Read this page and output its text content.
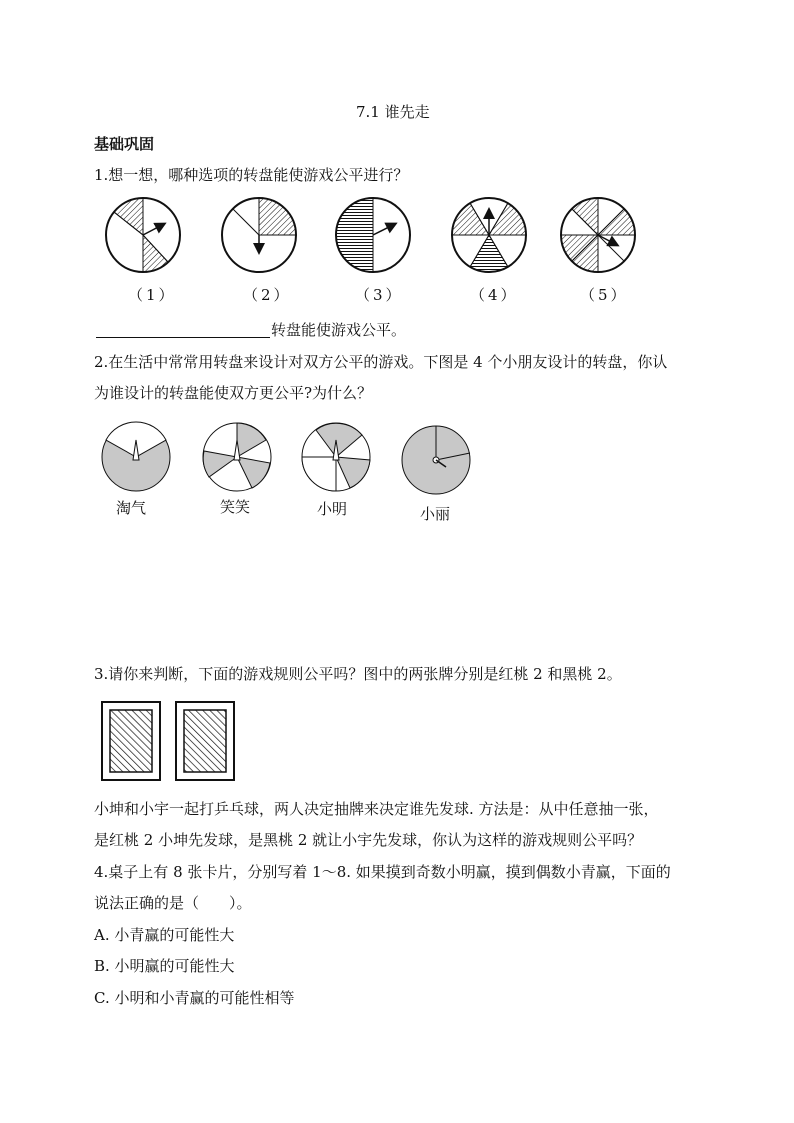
7.1 谁先走
基础巩固
1.想一想，哪种选项的转盘能使游戏公平进行？
（1）	（2）	（3）	（4）	（5）
转盘能使游戏公平。
2.在生活中常常用转盘来设计对双方公平的游戏。下图是 4 个小朋友设计的转盘，你认
为谁设计的转盘能使双方更公平?为什么？
淘气	笑笑	小明	小丽
3.请你来判断，下面的游戏规则公平吗？图中的两张牌分别是红桃 2 和黑桃 2。
小坤和小宇一起打乒乓球，两人决定抽牌来决定谁先发球. 方法是：从中任意抽一张，
是红桃 2 小坤先发球，是黑桃 2 就让小宇先发球，你认为这样的游戏规则公平吗？
4.桌子上有 8 张卡片，分别写着 1～8. 如果摸到奇数小明赢，摸到偶数小青赢，下面的
说法正确的是（　　）。
A. 小青赢的可能性大
B. 小明赢的可能性大
C. 小明和小青赢的可能性相等
